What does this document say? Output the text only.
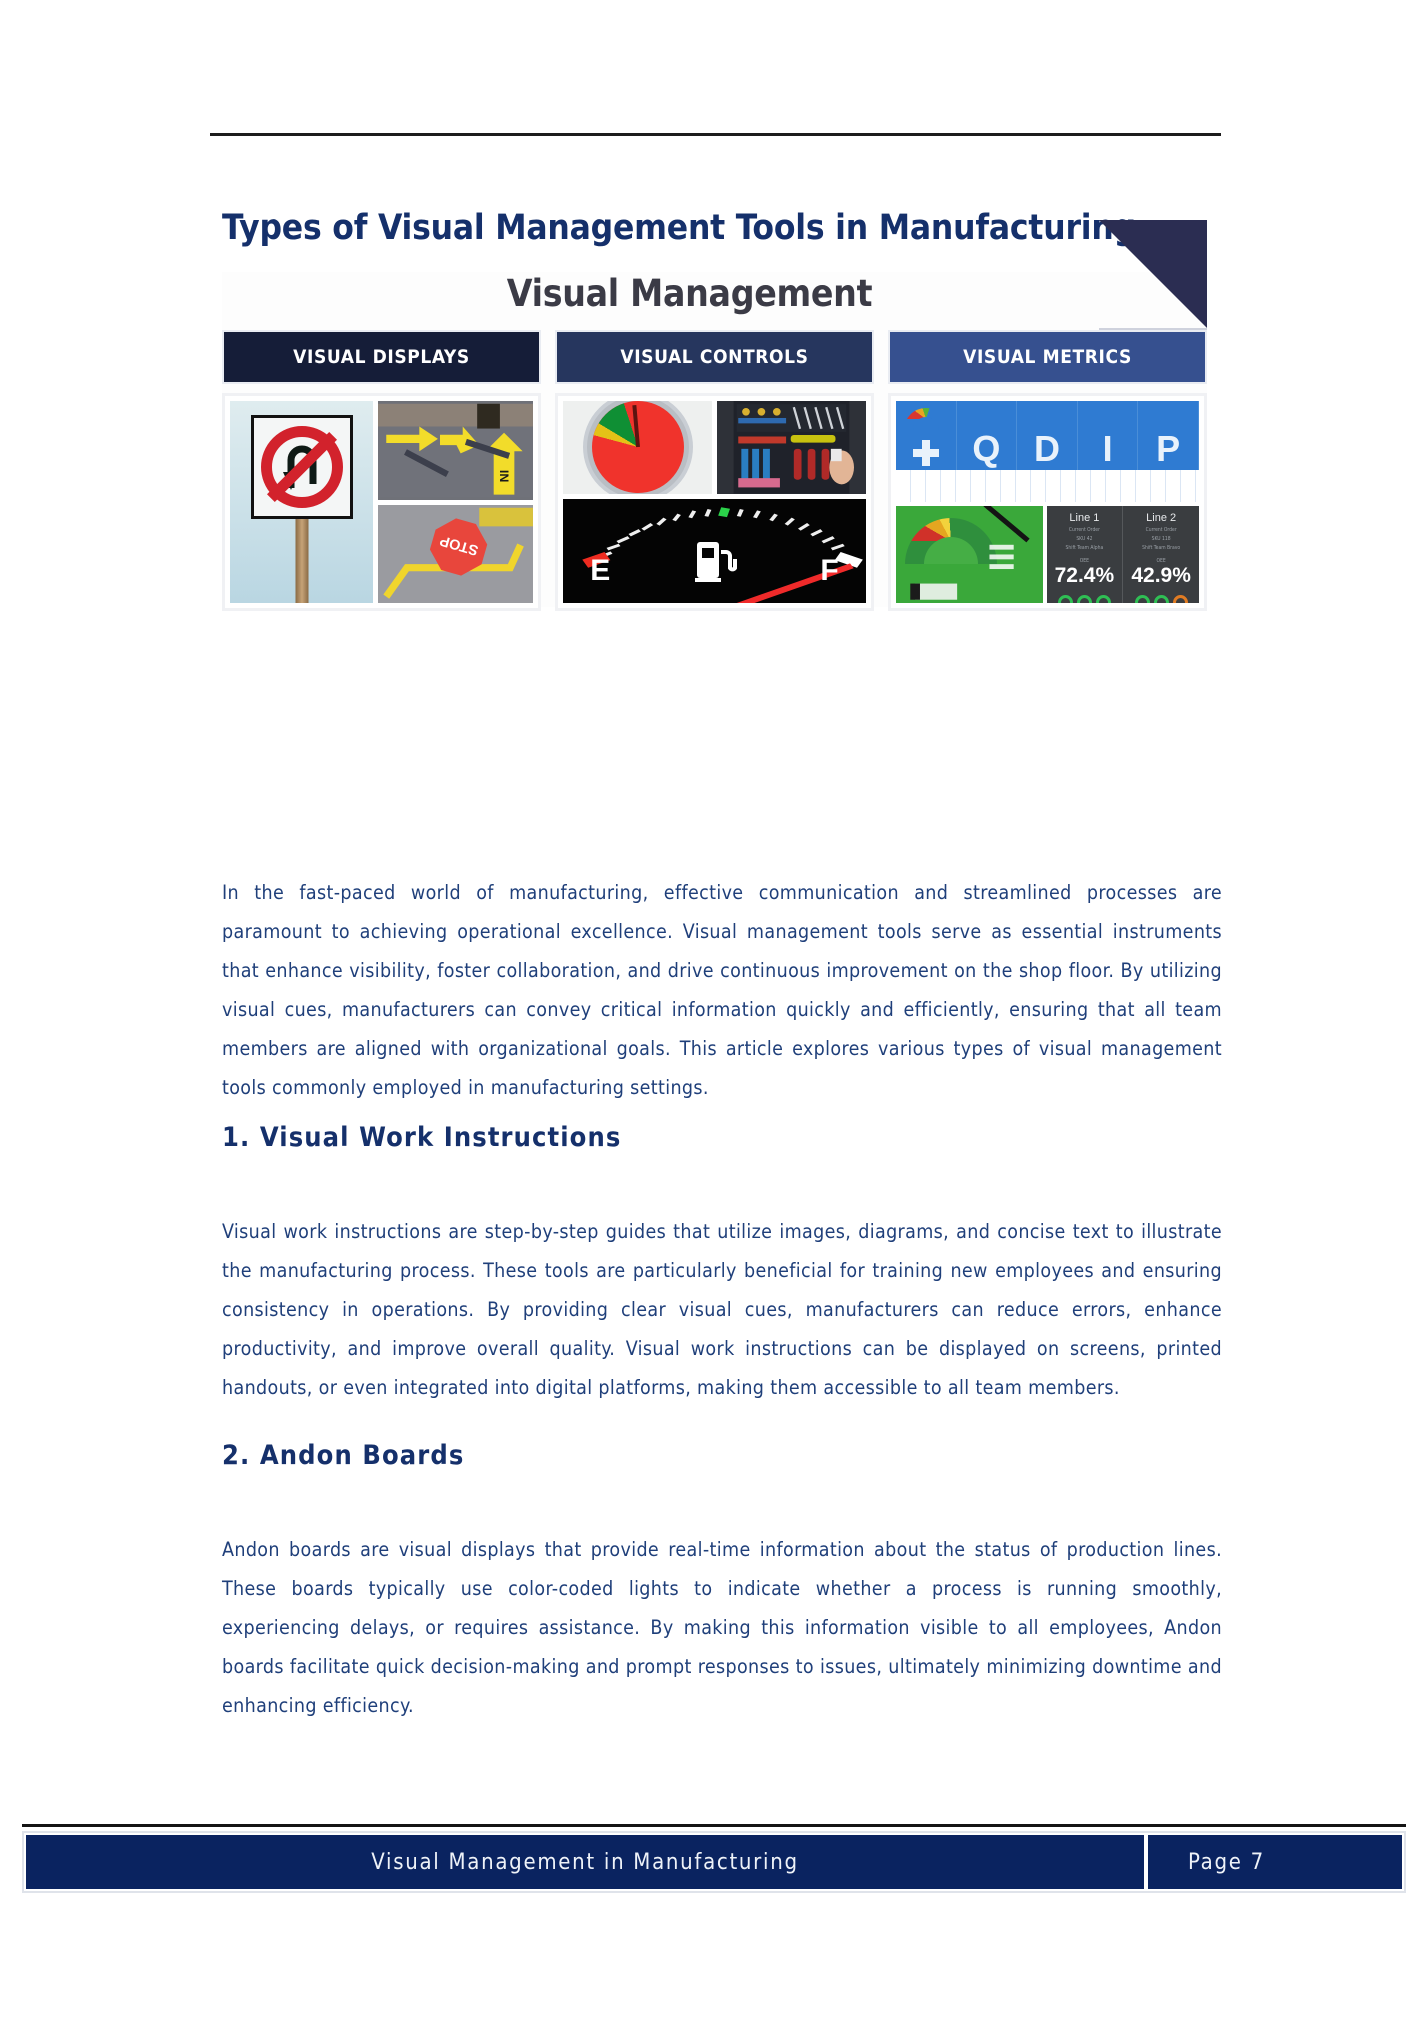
Types of Visual Management Tools in Manufacturing
Visual Management
VISUAL DISPLAYS
IN
STOP
VISUAL CONTROLS
E	F
VISUAL METRICS
Q D	I	P
Line 1
Current Order
SKU 42
Shift Team Alpha
OEE
72.4%
Line 2
Current Order
SKU 118
Shift Team Bravo
OEE
42.9%

In the fast-paced world of manufacturing, effective communication and streamlined processes are paramount to achieving operational excellence. Visual management tools serve as essential instruments that enhance visibility, foster collaboration, and drive continuous improvement on the shop floor. By utilizing visual cues, manufacturers can convey critical information quickly and efficiently, ensuring that all team members are aligned with organizational goals. This article explores various types of visual management tools commonly employed in manufacturing settings.

1. Visual Work Instructions

Visual work instructions are step-by-step guides that utilize images, diagrams, and concise text to illustrate the manufacturing process. These tools are particularly beneficial for training new employees and ensuring consistency in operations. By providing clear visual cues, manufacturers can reduce errors, enhance productivity, and improve overall quality. Visual work instructions can be displayed on screens, printed handouts, or even integrated into digital platforms, making them accessible to all team members.

2. Andon Boards

Andon boards are visual displays that provide real-time information about the status of production lines. These boards typically use color-coded lights to indicate whether a process is running smoothly, experiencing delays, or requires assistance. By making this information visible to all employees, Andon boards facilitate quick decision-making and prompt responses to issues, ultimately minimizing downtime and enhancing efficiency.

Visual Management in Manufacturing	Page 7
